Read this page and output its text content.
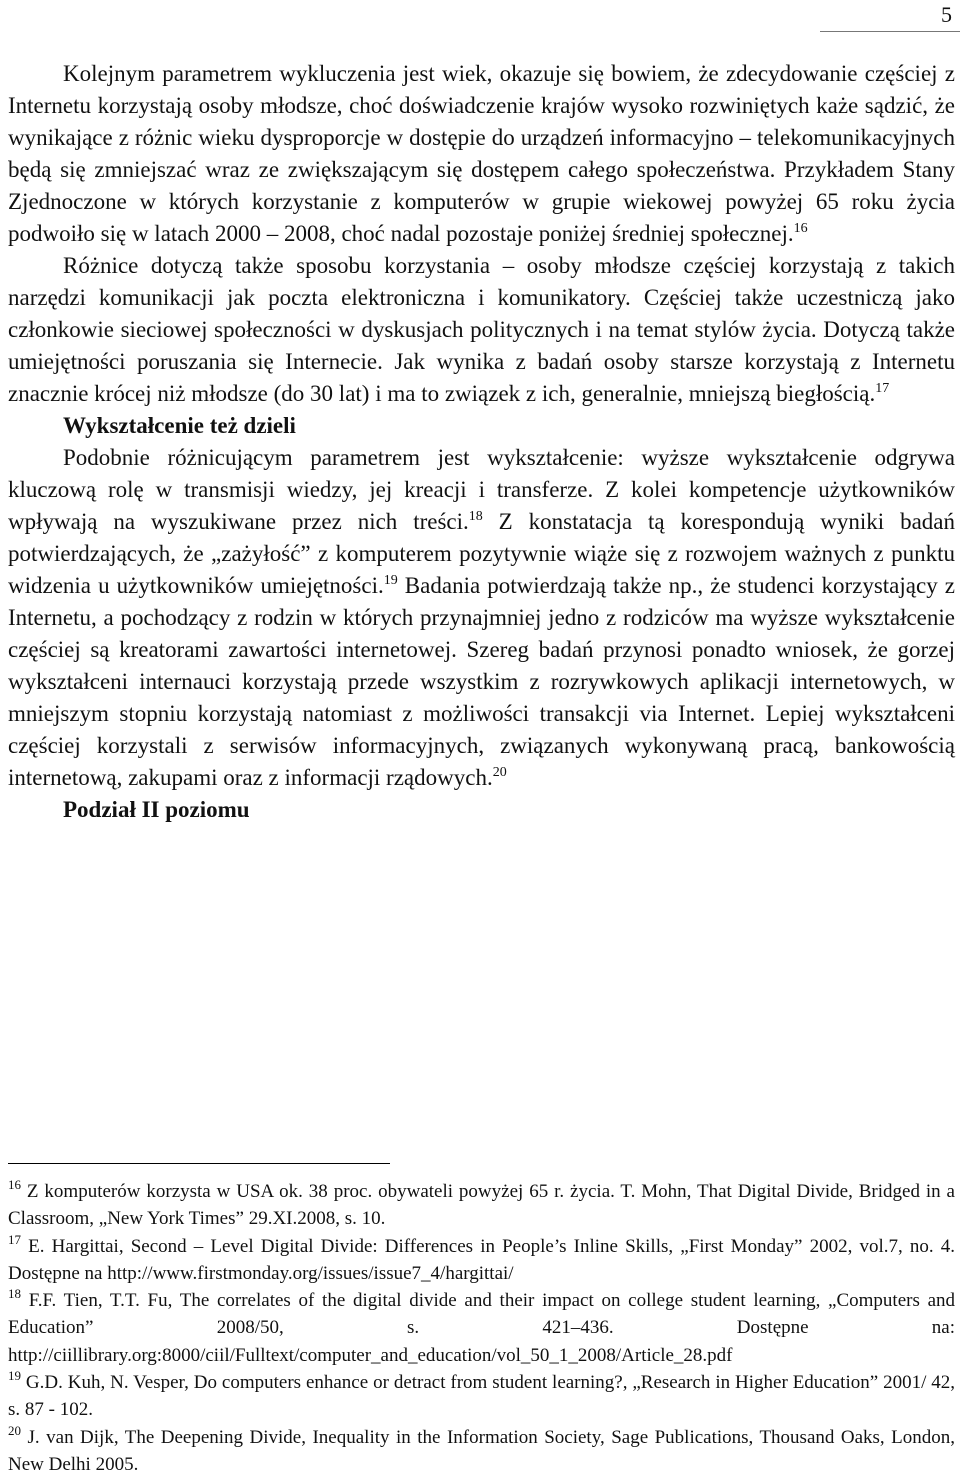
5

Kolejnym parametrem wykluczenia jest wiek, okazuje się bowiem, że zdecydowanie częściej z Internetu korzystają osoby młodsze, choć doświadczenie krajów wysoko rozwiniętych każe sądzić, że wynikające z różnic wieku dysproporcje w dostępie do urządzeń informacyjno – telekomunikacyjnych będą się zmniejszać wraz ze zwiększającym się dostępem całego społeczeństwa. Przykładem Stany Zjednoczone w których korzystanie z komputerów w grupie wiekowej powyżej 65 roku życia podwoiło się w latach 2000 – 2008, choć nadal pozostaje poniżej średniej społecznej.$^{16}$

Różnice dotyczą także sposobu korzystania – osoby młodsze częściej korzystają z takich narzędzi komunikacji jak poczta elektroniczna i komunikatory. Częściej także uczestniczą jako członkowie sieciowej społeczności w dyskusjach politycznych i na temat stylów życia. Dotyczą także umiejętności poruszania się Internecie. Jak wynika z badań osoby starsze korzystają z Internetu znacznie krócej niż młodsze (do 30 lat) i ma to związek z ich, generalnie, mniejszą biegłością.$^{17}$

Wykształcenie też dzieli

Podobnie różnicującym parametrem jest wykształcenie: wyższe wykształcenie odgrywa kluczową rolę w transmisji wiedzy, jej kreacji i transferze. Z kolei kompetencje użytkowników wpływają na wyszukiwane przez nich treści.$^{18}$ Z konstatacja tą korespondują wyniki badań potwierdzających, że „zażyłość” z komputerem pozytywnie wiąże się z rozwojem ważnych z punktu widzenia u użytkowników umiejętności.$^{19}$ Badania potwierdzają także np., że studenci korzystający z Internetu, a pochodzący z rodzin w których przynajmniej jedno z rodziców ma wyższe wykształcenie częściej są kreatorami zawartości internetowej. Szereg badań przynosi ponadto wniosek, że gorzej wykształceni internauci korzystają przede wszystkim z rozrywkowych aplikacji internetowych, w mniejszym stopniu korzystają natomiast z możliwości transakcji via Internet. Lepiej wykształceni częściej korzystali z serwisów informacyjnych, związanych wykonywaną pracą, bankowością internetową, zakupami oraz z informacji rządowych.$^{20}$

Podział II poziomu

$^{16}$ Z komputerów korzysta w USA ok. 38 proc. obywateli powyżej 65 r. życia. T. Mohn, That Digital Divide, Bridged in a Classroom, „New York Times” 29.XI.2008, s. 10.

$^{17}$ E. Hargittai, Second – Level Digital Divide: Differences in People’s Inline Skills, „First Monday” 2002, vol.7, no. 4. Dostępne na http://www.firstmonday.org/issues/issue7_4/hargittai/

$^{18}$ F.F. Tien, T.T. Fu, The correlates of the digital divide and their impact on college student learning, „Computers and Education” 2008/50, s. 421–436. Dostępne na: http://ciillibrary.org:8000/ciil/Fulltext/computer_and_education/vol_50_1_2008/Article_28.pdf

$^{19}$ G.D. Kuh, N. Vesper, Do computers enhance or detract from student learning?, „Research in Higher Education” 2001/ 42, s. 87 - 102.

$^{20}$ J. van Dijk, The Deepening Divide, Inequality in the Information Society, Sage Publications, Thousand Oaks, London, New Delhi 2005.
